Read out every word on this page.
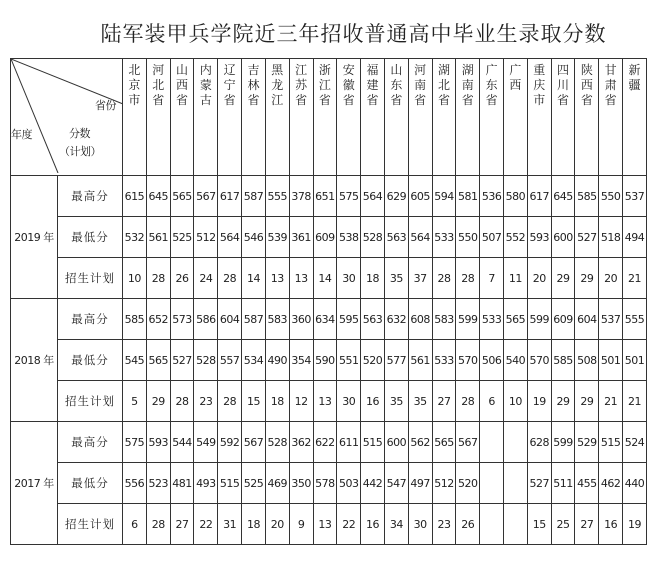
陆军装甲兵学院近三年招收普通高中毕业生录取分数
省份
分数
（计划）
年度		北京市	河北省	山西省	内蒙古	辽宁省	吉林省	黑龙江	江苏省	浙江省	安徽省	福建省	山东省	河南省	湖北省	湖南省	广东省	广西	重庆市	四川省	陕西省	甘肃省	新疆
2019 年	最高分	615	645	565	567	617	587	555	378	651	575	564	629	605	594	581	536	580	617	645	585	550	537
	最低分	532	561	525	512	564	546	539	361	609	538	528	563	564	533	550	507	552	593	600	527	518	494
	招生计划	10	28	26	24	28	14	13	13	14	30	18	35	37	28	28	7	11	20	29	29	20	21
2018 年	最高分	585	652	573	586	604	587	583	360	634	595	563	632	608	583	599	533	565	599	609	604	537	555
	最低分	545	565	527	528	557	534	490	354	590	551	520	577	561	533	570	506	540	570	585	508	501	501
	招生计划	5	29	28	23	28	15	18	12	13	30	16	35	35	27	28	6	10	19	29	29	21	21
2017 年	最高分	575	593	544	549	592	567	528	362	622	611	515	600	562	565	567			628	599	529	515	524
	最低分	556	523	481	493	515	525	469	350	578	503	442	547	497	512	520			527	511	455	462	440
	招生计划	6	28	27	22	31	18	20	9	13	22	16	34	30	23	26			15	25	27	16	19
